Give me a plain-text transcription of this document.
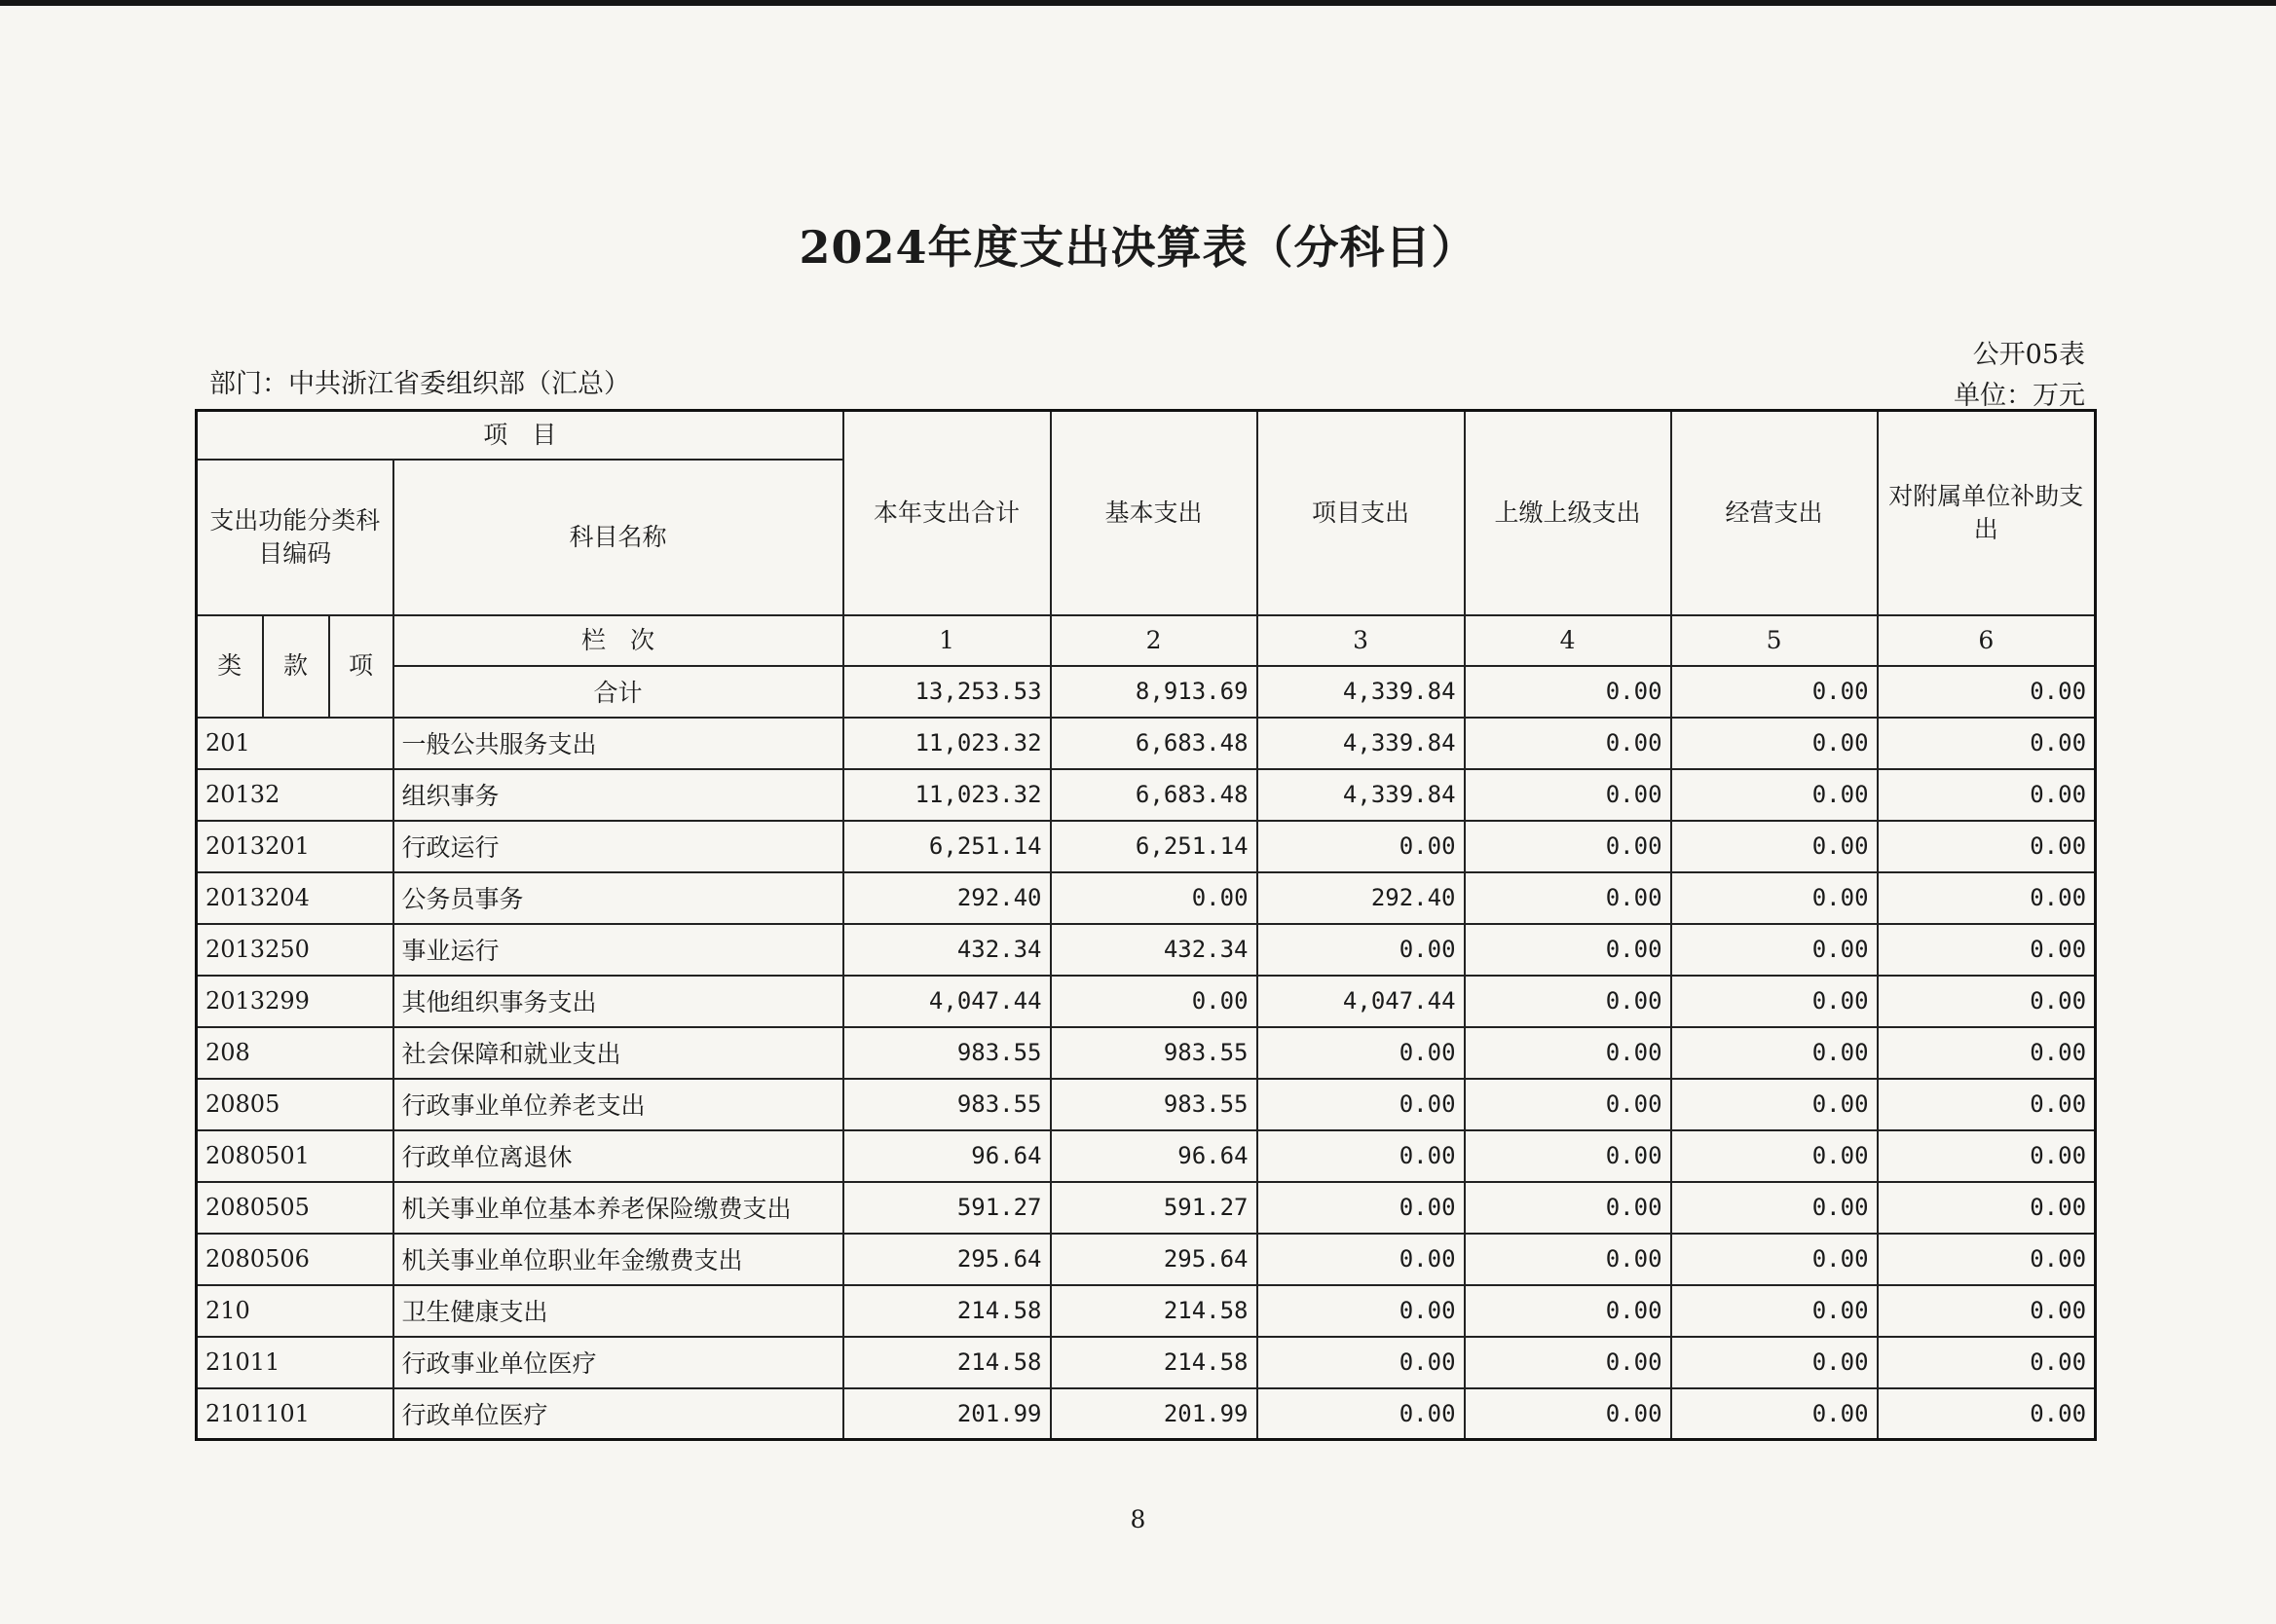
2024年度支出决算表（分科目）
公开05表
部门：中共浙江省委组织部（汇总）	单位：万元
项　目				本年支出合计	基本支出	项目支出	上缴上级支出	经营支出	对附属单位补助支出
支出功能分类科目编码			科目名称						
类	款	项	栏　次	1	2	3	4	5	6
			合计	13,253.53	8,913.69	4,339.84	0.00	0.00	0.00
201			一般公共服务支出	11,023.32	6,683.48	4,339.84	0.00	0.00	0.00
20132			组织事务	11,023.32	6,683.48	4,339.84	0.00	0.00	0.00
2013201			行政运行	6,251.14	6,251.14	0.00	0.00	0.00	0.00
2013204			公务员事务	292.40	0.00	292.40	0.00	0.00	0.00
2013250			事业运行	432.34	432.34	0.00	0.00	0.00	0.00
2013299			其他组织事务支出	4,047.44	0.00	4,047.44	0.00	0.00	0.00
208			社会保障和就业支出	983.55	983.55	0.00	0.00	0.00	0.00
20805			行政事业单位养老支出	983.55	983.55	0.00	0.00	0.00	0.00
2080501			行政单位离退休	96.64	96.64	0.00	0.00	0.00	0.00
2080505			机关事业单位基本养老保险缴费支出	591.27	591.27	0.00	0.00	0.00	0.00
2080506			机关事业单位职业年金缴费支出	295.64	295.64	0.00	0.00	0.00	0.00
210			卫生健康支出	214.58	214.58	0.00	0.00	0.00	0.00
21011			行政事业单位医疗	214.58	214.58	0.00	0.00	0.00	0.00
2101101			行政单位医疗	201.99	201.99	0.00	0.00	0.00	0.00
8
